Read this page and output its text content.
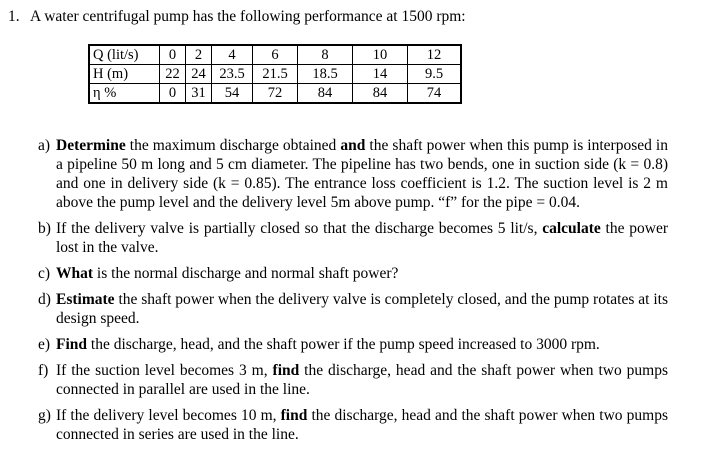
1. A water centrifugal pump has the following performance at 1500 rpm:
Q (lit/s)	0	2	4	6	8	10	12
H (m)	22	24	23.5	21.5	18.5	14	9.5
η %	0	31	54	72	84	84	74
a) Determine the maximum discharge obtained and the shaft power when this pump is interposed in a pipeline 50 m long and 5 cm diameter. The pipeline has two bends, one in suction side (k = 0.8) and one in delivery side (k = 0.85). The entrance loss coefficient is 1.2. The suction level is 2 m above the pump level and the delivery level 5m above pump. “f” for the pipe = 0.04.
b) If the delivery valve is partially closed so that the discharge becomes 5 lit/s, calculate the power lost in the valve.
c) What is the normal discharge and normal shaft power?
d) Estimate the shaft power when the delivery valve is completely closed, and the pump rotates at its design speed.
e) Find the discharge, head, and the shaft power if the pump speed increased to 3000 rpm.
f) If the suction level becomes 3 m, find the discharge, head and the shaft power when two pumps connected in parallel are used in the line.
g) If the delivery level becomes 10 m, find the discharge, head and the shaft power when two pumps connected in series are used in the line.
